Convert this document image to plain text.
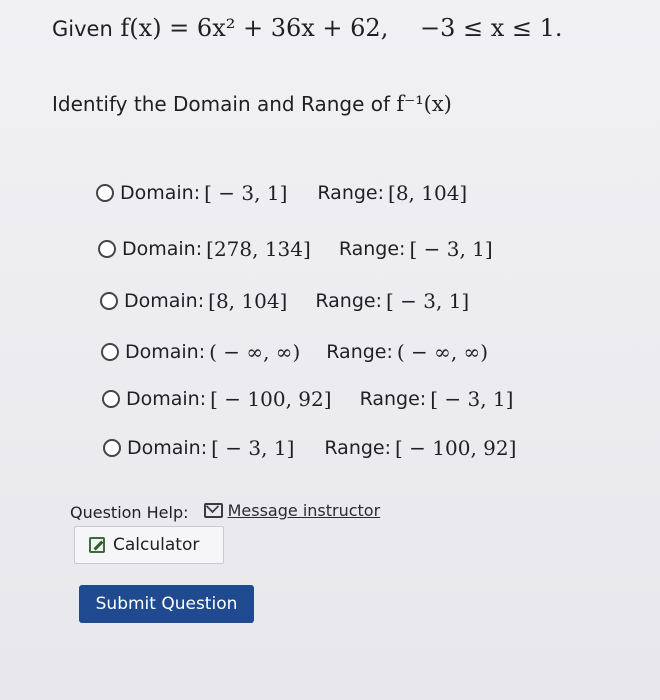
Given f(x) = 6x² + 36x + 62, −3 ≤ x ≤ 1.
Identify the Domain and Range of f⁻¹(x)
Domain: [ − 3, 1] Range: [8, 104]
Domain: [278, 134] Range: [ − 3, 1]
Domain: [8, 104] Range: [ − 3, 1]
Domain: ( − ∞, ∞) Range: ( − ∞, ∞)
Domain: [ − 100, 92] Range: [ − 3, 1]
Domain: [ − 3, 1] Range: [ − 100, 92]
Question Help: Message instructor
Calculator
Submit Question
